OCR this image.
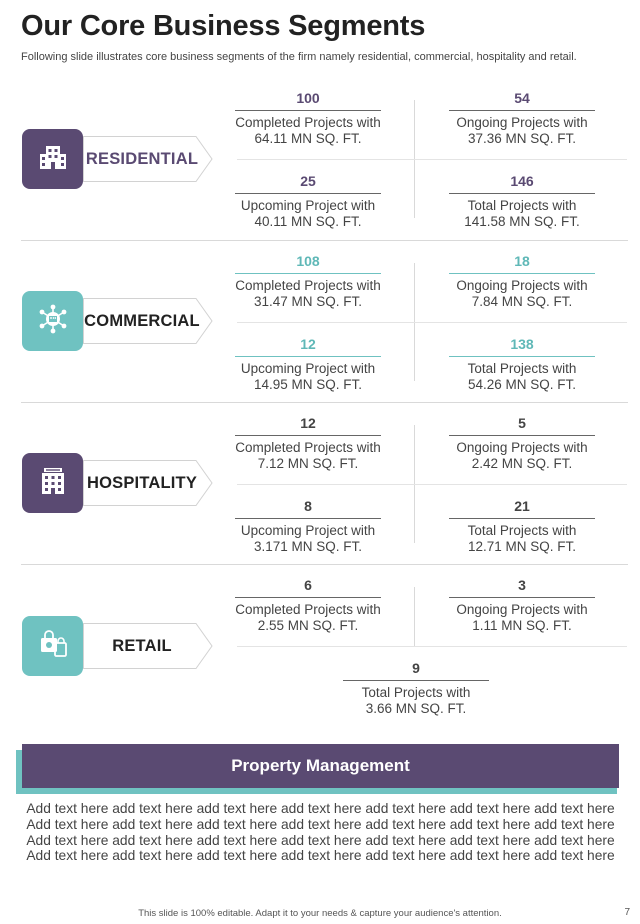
Our Core Business Segments
Following slide illustrates core business segments of the firm namely residential, commercial, hospitality and retail.
RESIDENTIAL
100
Completed Projects with
64.11 MN SQ. FT.
54
Ongoing Projects with
37.36 MN SQ. FT.
25
Upcoming Project with
40.11 MN SQ. FT.
146
Total Projects with
141.58 MN SQ. FT.
COMMERCIAL
108
Completed Projects with
31.47 MN SQ. FT.
18
Ongoing Projects with
7.84 MN SQ. FT.
12
Upcoming Project with
14.95 MN SQ. FT.
138
Total Projects with
54.26 MN SQ. FT.
HOSPITALITY
12
Completed Projects with
7.12 MN SQ. FT.
5
Ongoing Projects with
2.42 MN SQ. FT.
8
Upcoming Project with
3.171 MN SQ. FT.
21
Total Projects with
12.71 MN SQ. FT.
RETAIL
6
Completed Projects with
2.55 MN SQ. FT.
3
Ongoing Projects with
1.11 MN SQ. FT.
9
Total Projects with
3.66 MN SQ. FT.
Property Management
Add text here add text here add text here add text here add text here add text here add text here
Add text here add text here add text here add text here add text here add text here add text here
Add text here add text here add text here add text here add text here add text here add text here
Add text here add text here add text here add text here add text here add text here add text here
This slide is 100% editable. Adapt it to your needs & capture your audience's attention.	7
